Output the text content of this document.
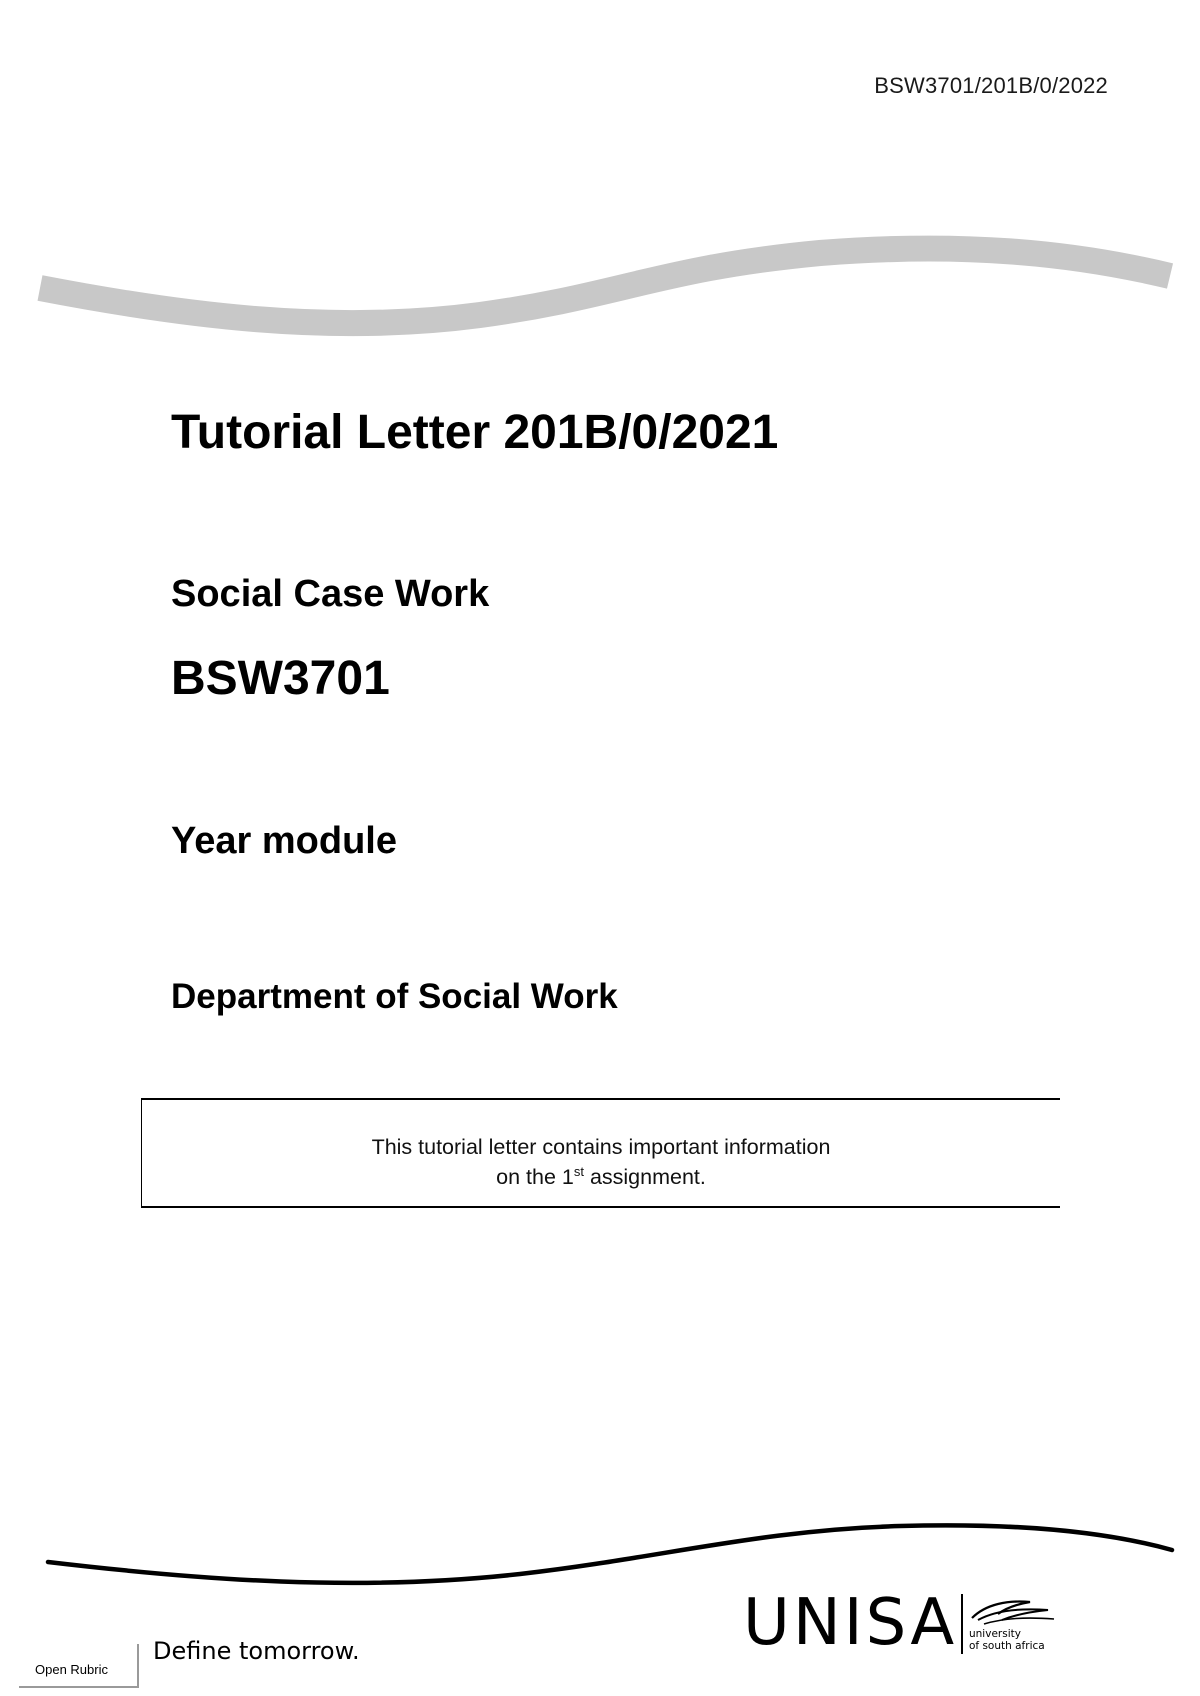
BSW3701/201B/0/2022
Tutorial Letter 201B/0/2021
Social Case Work
BSW3701
Year module
Department of Social Work
This tutorial letter contains important information
on the 1st assignment.
Open Rubric
Define tomorrow.	UNISA university
of south africa
